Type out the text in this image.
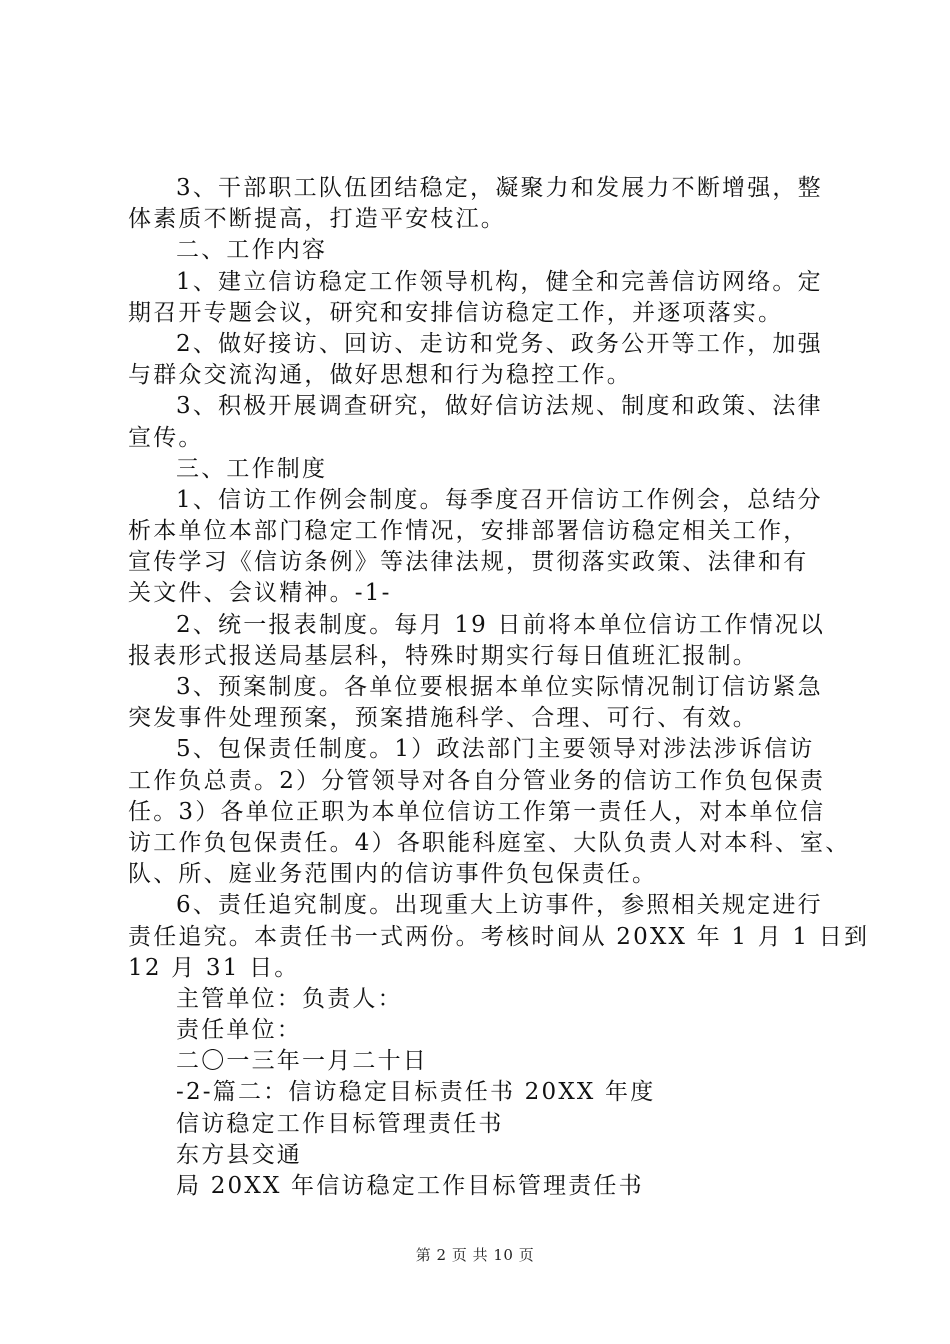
3、干部职工队伍团结稳定，凝聚力和发展力不断增强，整
体素质不断提高，打造平安枝江。
二、工作内容
1、建立信访稳定工作领导机构，健全和完善信访网络。定
期召开专题会议，研究和安排信访稳定工作，并逐项落实。
2、做好接访、回访、走访和党务、政务公开等工作，加强
与群众交流沟通，做好思想和行为稳控工作。
3、积极开展调查研究，做好信访法规、制度和政策、法律
宣传。
三、工作制度
1、信访工作例会制度。每季度召开信访工作例会，总结分
析本单位本部门稳定工作情况，安排部署信访稳定相关工作，
宣传学习《信访条例》等法律法规，贯彻落实政策、法律和有
关文件、会议精神。-1-
2、统一报表制度。每月 19 日前将本单位信访工作情况以
报表形式报送局基层科，特殊时期实行每日值班汇报制。
3、预案制度。各单位要根据本单位实际情况制订信访紧急
突发事件处理预案，预案措施科学、合理、可行、有效。
5、包保责任制度。1）政法部门主要领导对涉法涉诉信访
工作负总责。2）分管领导对各自分管业务的信访工作负包保责
任。3）各单位正职为本单位信访工作第一责任人，对本单位信
访工作负包保责任。4）各职能科庭室、大队负责人对本科、室、
队、所、庭业务范围内的信访事件负包保责任。
6、责任追究制度。出现重大上访事件，参照相关规定进行
责任追究。本责任书一式两份。考核时间从 20XX 年 1 月 1 日到
12 月 31 日。
主管单位：负责人：
责任单位：
二〇一三年一月二十日
-2-篇二：信访稳定目标责任书 20XX 年度
信访稳定工作目标管理责任书
东方县交通
局 20XX 年信访稳定工作目标管理责任书
第 2 页 共 10 页
